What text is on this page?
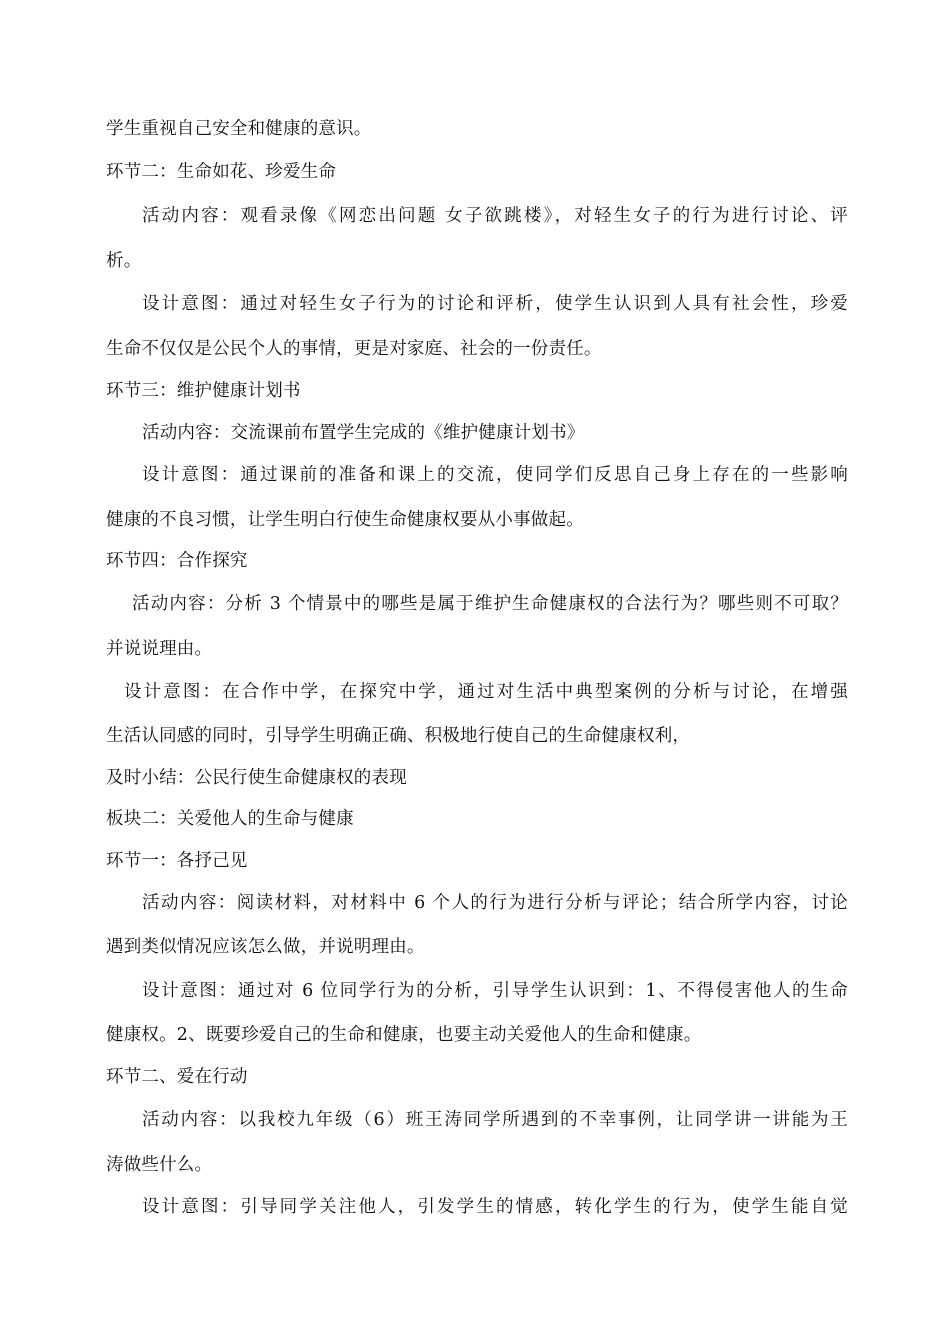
学生重视自己安全和健康的意识。
环节二：生命如花、珍爱生命
活动内容：观看录像《网恋出问题 女子欲跳楼》，对轻生女子的行为进行讨论、评
析。
设计意图：通过对轻生女子行为的讨论和评析，使学生认识到人具有社会性，珍爱
生命不仅仅是公民个人的事情，更是对家庭、社会的一份责任。
环节三：维护健康计划书
活动内容：交流课前布置学生完成的《维护健康计划书》
设计意图：通过课前的准备和课上的交流，使同学们反思自己身上存在的一些影响
健康的不良习惯，让学生明白行使生命健康权要从小事做起。
环节四：合作探究
活动内容：分析 3 个情景中的哪些是属于维护生命健康权的合法行为？哪些则不可取？
并说说理由。
设计意图：在合作中学，在探究中学，通过对生活中典型案例的分析与讨论，在增强
生活认同感的同时，引导学生明确正确、积极地行使自己的生命健康权利，
及时小结：公民行使生命健康权的表现
板块二：关爱他人的生命与健康
环节一：各抒己见
活动内容：阅读材料，对材料中 6 个人的行为进行分析与评论；结合所学内容，讨论
遇到类似情况应该怎么做，并说明理由。
设计意图：通过对 6 位同学行为的分析，引导学生认识到：1、不得侵害他人的生命
健康权。2、既要珍爱自己的生命和健康，也要主动关爱他人的生命和健康。
环节二、爱在行动
活动内容：以我校九年级（6）班王涛同学所遇到的不幸事例，让同学讲一讲能为王
涛做些什么。
设计意图：引导同学关注他人，引发学生的情感，转化学生的行为，使学生能自觉
